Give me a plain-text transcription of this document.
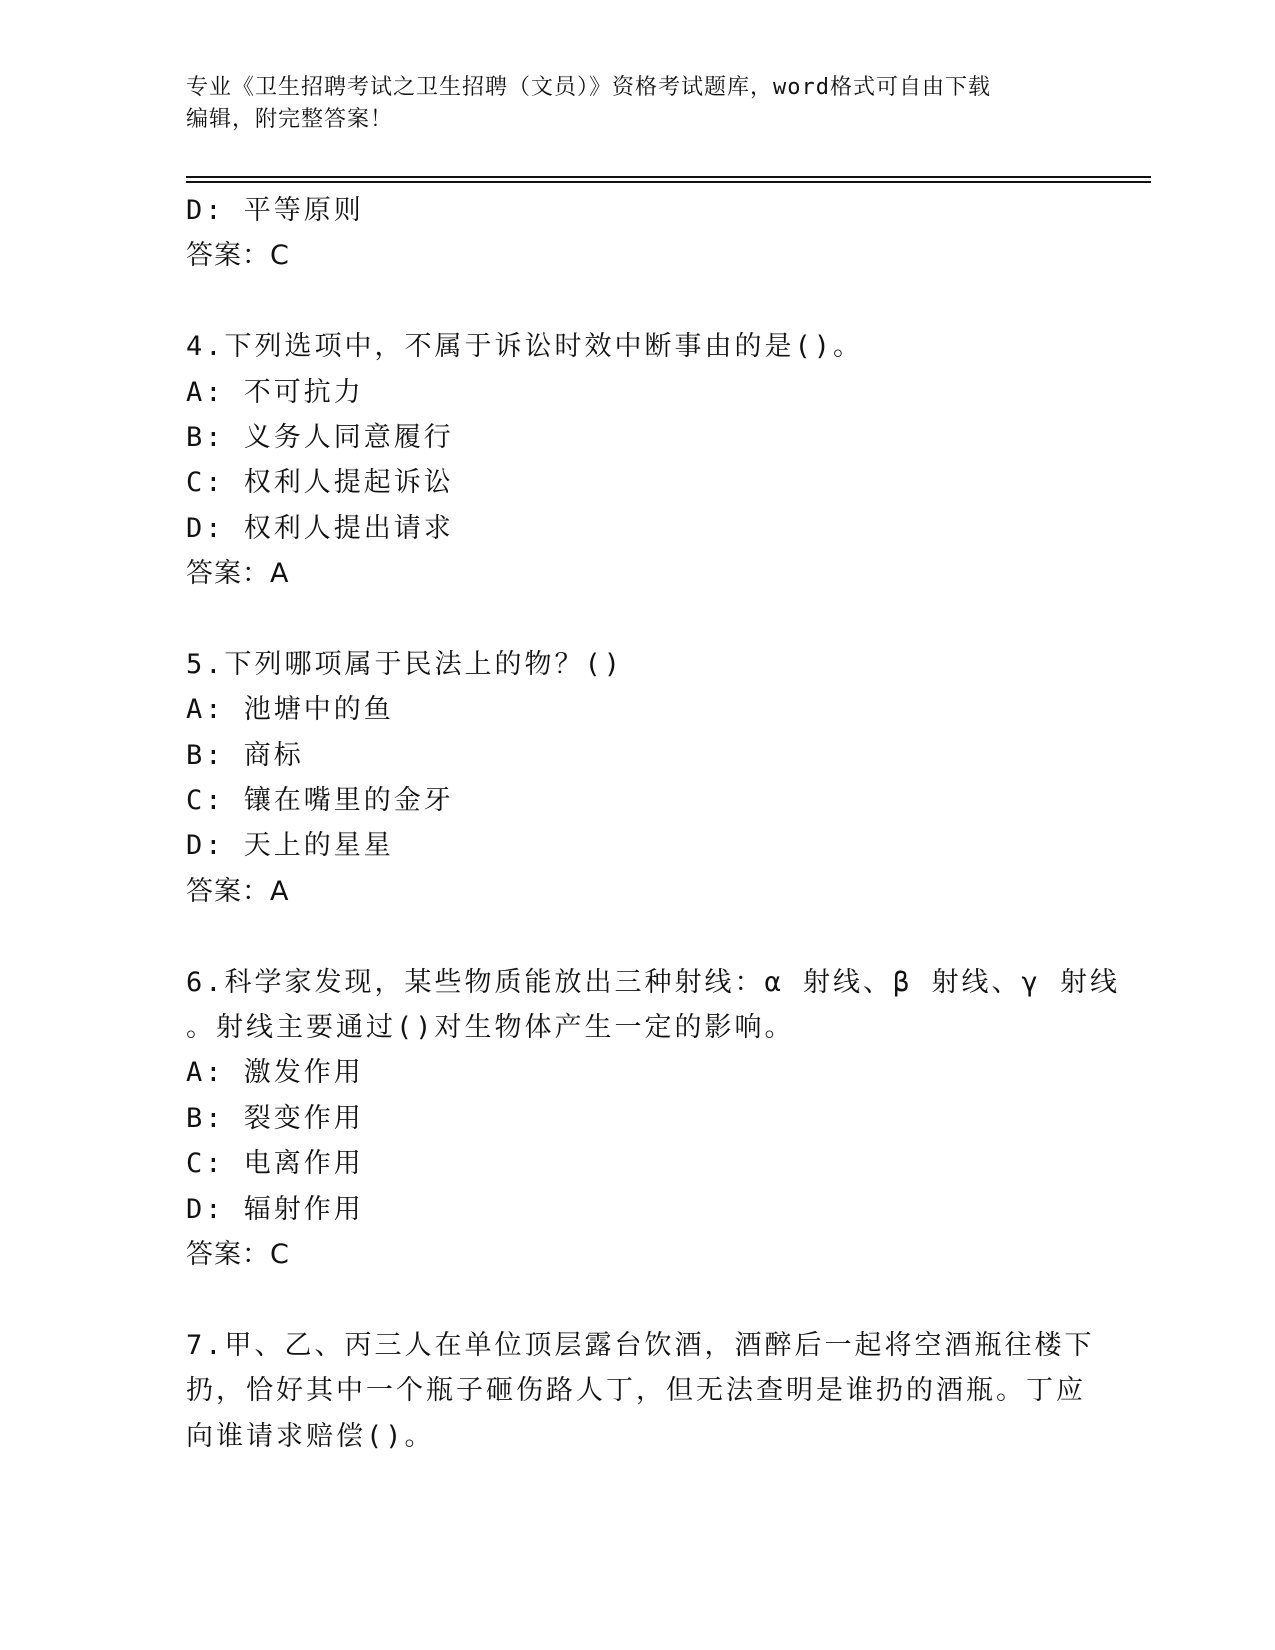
专业《卫生招聘考试之卫生招聘（文员）》资格考试题库，word格式可自由下载
编辑，附完整答案！
D: 平等原则
答案：C
4.下列选项中，不属于诉讼时效中断事由的是()。
A: 不可抗力
B: 义务人同意履行
C: 权利人提起诉讼
D: 权利人提出请求
答案：A
5.下列哪项属于民法上的物？()
A: 池塘中的鱼
B: 商标
C: 镶在嘴里的金牙
D: 天上的星星
答案：A
6.科学家发现，某些物质能放出三种射线：α 射线、β 射线、γ 射线
。射线主要通过()对生物体产生一定的影响。
A: 激发作用
B: 裂变作用
C: 电离作用
D: 辐射作用
答案：C
7.甲、乙、丙三人在单位顶层露台饮酒，酒醉后一起将空酒瓶往楼下
扔，恰好其中一个瓶子砸伤路人丁，但无法查明是谁扔的酒瓶。丁应
向谁请求赔偿()。
